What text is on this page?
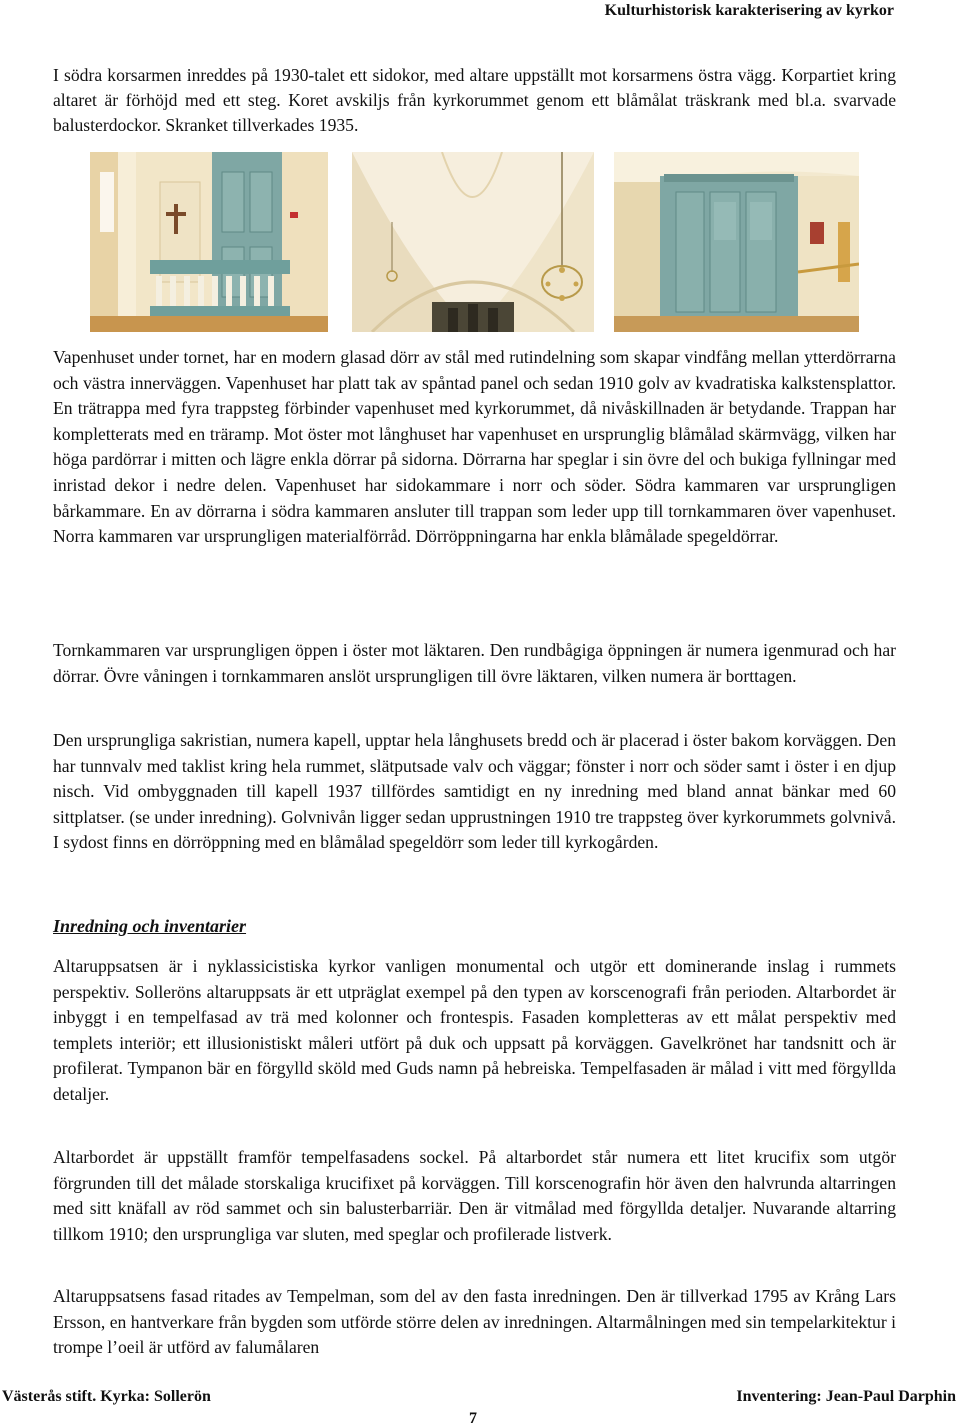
Kulturhistorisk karakterisering av kyrkor

I södra korsarmen inreddes på 1930-talet ett sidokor, med altare uppställt mot korsarmens östra vägg. Korpartiet kring altaret är förhöjd med ett steg. Koret avskiljs från kyrkorummet genom ett blåmålat träskrank med bl.a. svarvade balusterdockor. Skranket tillverkades 1935.

Vapenhuset under tornet, har en modern glasad dörr av stål med rutindelning som skapar vindfång mellan ytterdörrarna och västra innerväggen. Vapenhuset har platt tak av spåntad panel och sedan 1910 golv av kvadratiska kalkstensplattor. En trätrappa med fyra trappsteg förbinder vapenhuset med kyrkorummet, då nivåskillnaden är betydande. Trappan har kompletterats med en träramp. Mot öster mot långhuset har vapenhuset en ursprunglig blåmålad skärmvägg, vilken har höga pardörrar i mitten och lägre enkla dörrar på sidorna. Dörrarna har speglar i sin övre del och bukiga fyllningar med inristad dekor i nedre delen. Vapenhuset har sidokammare i norr och söder. Södra kammaren var ursprungligen bårkammare. En av dörrarna i södra kammaren ansluter till trappan som leder upp till tornkammaren över vapenhuset. Norra kammaren var ursprungligen materialförråd. Dörröppningarna har enkla blåmålade spegeldörrar.

Tornkammaren var ursprungligen öppen i öster mot läktaren. Den rundbågiga öppningen är numera igenmurad och har dörrar. Övre våningen i tornkammaren anslöt ursprungligen till övre läktaren, vilken numera är borttagen.

Den ursprungliga sakristian, numera kapell, upptar hela långhusets bredd och är placerad i öster bakom korväggen. Den har tunnvalv med taklist kring hela rummet, slätputsade valv och väggar; fönster i norr och söder samt i öster i en djup nisch. Vid ombyggnaden till kapell 1937 tillfördes samtidigt en ny inredning med bland annat bänkar med 60 sittplatser. (se under inredning). Golvnivån ligger sedan upprustningen 1910 tre trappsteg över kyrkorummets golvnivå. I sydost finns en dörröppning med en blåmålad spegeldörr som leder till kyrkogården.

Inredning och inventarier

Altaruppsatsen är i nyklassicistiska kyrkor vanligen monumental och utgör ett dominerande inslag i rummets perspektiv. Solleröns altaruppsats är ett utpräglat exempel på den typen av korscenografi från perioden. Altarbordet är inbyggt i en tempelfasad av trä med kolonner och frontespis. Fasaden kompletteras av ett målat perspektiv med templets interiör; ett illusionistiskt måleri utfört på duk och uppsatt på korväggen. Gavelkrönet har tandsnitt och är profilerat. Tympanon bär en förgylld sköld med Guds namn på hebreiska. Tempelfasaden är målad i vitt med förgyllda detaljer.

Altarbordet är uppställt framför tempelfasadens sockel. På altarbordet står numera ett litet krucifix som utgör förgrunden till det målade storskaliga krucifixet på korväggen. Till korscenografin hör även den halvrunda altarringen med sitt knäfall av röd sammet och sin balusterbarriär. Den är vitmålad med förgyllda detaljer. Nuvarande altarring tillkom 1910; den ursprungliga var sluten, med speglar och profilerade listverk.

Altaruppsatsens fasad ritades av Tempelman, som del av den fasta inredningen. Den är tillverkad 1795 av Krång Lars Ersson, en hantverkare från bygden som utförde större delen av inredningen. Altarmålningen med sin tempelarkitektur i trompe l’oeil är utförd av falumålaren

Västerås stift. Kyrka: Sollerön	Inventering: Jean-Paul Darphin
7
